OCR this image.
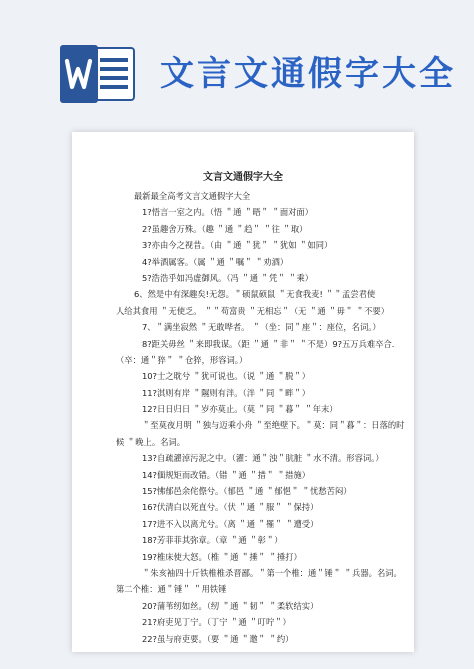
文言文通假字大全
文言文通假字大全
最新最全高考文言文通假字大全
1?悟言一室之内。（悟 ＂通 ＂晤＂ ＂面对面）
2?虽趣舍万殊。（趣 ＂通 ＂趋＂ ＂往 ＂取）
3?亦由今之视昔。（由 ＂通 ＂犹＂ ＂犹如 ＂如同）
4?举酒属客。（属 ＂通 ＂嘱＂ ＂劝酒）
5?浩浩乎如冯虚御风。（冯 ＂通 ＂凭＂ ＂乘）
6、然是中有深趣矣!无怨。＂硕鼠硕鼠 ＂无食我麦! ＂＂孟尝君使
人给其食用 ＂无使乏。 ＂＂苟富贵 ＂无相忘＂（无 ＂通 ＂毋＂ ＂不要）
7、＂满坐寂然 ＂无敢哗者。 ＂（坐：同＂座＂：座位，名词。）
8?距关毋丝 ＂来即我谋。（距 ＂通 ＂非＂ ＂不是）9?五万兵难卒合.
（卒：通＂猝＂ ＂仓猝，形容词。）
10?士之耽兮 ＂犹可说也。（说 ＂通 ＂脱＂）
11?淇则有岸 ＂隰则有泮。（泮 ＂同 ＂畔＂）
12?日日归日 ＂岁亦莫止。（莫 ＂同 ＂暮＂ ＂年末）
＂至莫夜月明 ＂独与迈乘小舟 ＂至绝壁下。＂莫：同＂暮＂：日落的时
候 ＂晚上。名词。
13?自疏濯淖污泥之中。（濯：通＂浊＂肮脏 ＂水不清。形容词。）
14?偭规矩而改错。（错 ＂通 ＂措＂ ＂措施）
15?怫郁邑余侘傺兮。（郁邑 ＂通 ＂郁悒＂ ＂忧愁苦闷）
16?伏清白以死直兮。（伏 ＂通 ＂服＂ ＂保持）
17?进不入以离尤兮。（离 ＂通 ＂罹＂ ＂遭受）
18?芳菲菲其弥章。（章 ＂通 ＂彰＂）
19?椎床使大怒。（椎 ＂通 ＂捶＂ ＂捶打）
＂朱亥袖四十斤铁椎椎杀晋鄙。＂第一个椎：通＂锤＂ ＂兵器。名词。
第二个椎：通＂锤＂ ＂用铁锤
20?蒲苇纫如丝。（纫 ＂通 ＂韧＂ ＂柔软结实）
21?府吏见丁宁。（丁宁 ＂通 ＂叮咛＂）
22?虽与府吏要。（要 ＂通 ＂邀＂ ＂约）
